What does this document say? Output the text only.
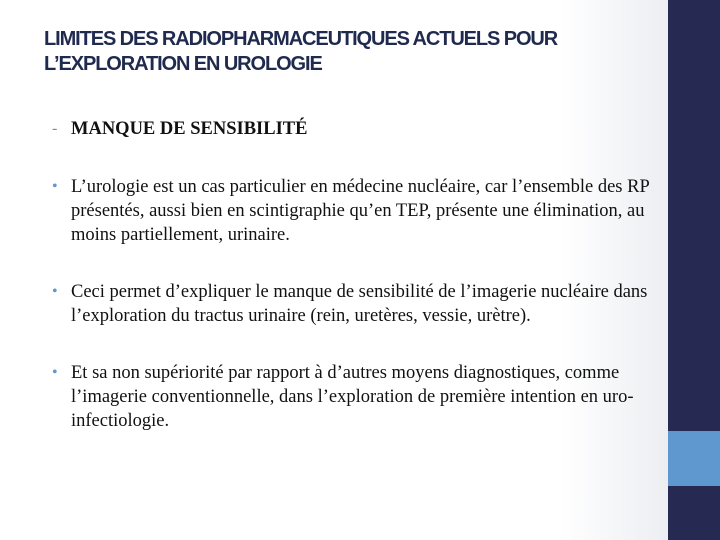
LIMITES DES RADIOPHARMACEUTIQUES ACTUELS POUR
L’EXPLORATION EN UROLOGIE

- MANQUE DE SENSIBILITÉ

• L’urologie est un cas particulier en médecine nucléaire, car l’ensemble des RP présentés, aussi bien en scintigraphie qu’en TEP, présente une élimination, au moins partiellement, urinaire.

• Ceci permet d’expliquer le manque de sensibilité de l’imagerie nucléaire dans l’exploration du tractus urinaire (rein, uretères, vessie, urètre).

• Et sa non supériorité par rapport à d’autres moyens diagnostiques, comme l’imagerie conventionnelle, dans l’exploration de première intention en uro-infectiologie.
